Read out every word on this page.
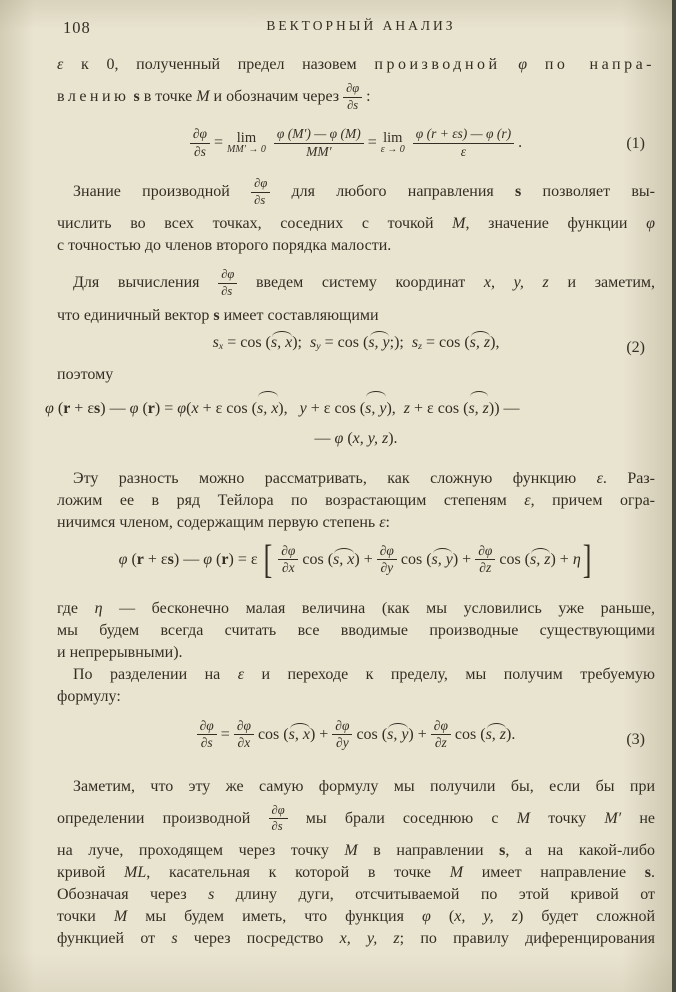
108	ВЕКТОРНЫЙ АНАЛИЗ
ε к 0, полученный предел назовем производной φ по напра-
влению s в точке M и обозначим через $\frac{\partial\varphi}{\partial s}$ :
$\frac{\partial\varphi}{\partial s} = \lim$
MM′ → 0
$\frac{\varphi (M') — \varphi (M)}{MM'} = \lim$
ε → 0
$\frac{\varphi (r + \varepsilon s) — \varphi (r)}{\varepsilon}$ .	(1)
Знание производной $\frac{\partial\varphi}{\partial s}$ для любого направления s позволяет вы-
числить во всех точках, соседних с точкой M, значение функции φ
с точностью до членов второго порядка малости.
Для вычисления $\frac{\partial\varphi}{\partial s}$ введем систему координат x, y, z и заметим,
что единичный вектор s имеет составляющими
sx = cos (s, x);  sy = cos (s, y;);  sz = cos (s, z),	(2)
поэтому
φ (r + εs) — φ (r) = φ(x + ε cos (s, x),   y + ε cos (s, y),  z + ε cos (s, z)) —
— φ (x, y, z).
Эту разность можно рассматривать, как сложную функцию ε. Раз-
ложим ее в ряд Тейлора по возрастающим степеням ε, причем огра-
ничимся членом, содержащим первую степень ε:
φ (r + εs) — φ (r) = ε [ $\frac{\partial\varphi}{\partial x}$ cos (s, $x) + \frac{\partial\varphi}{\partial y}$ cos (s, $y) + \frac{\partial\varphi}{\partial z}$ cos (s, z) + η]
где η — бесконечно малая величина (как мы условились уже раньше,
мы будем всегда считать все вводимые производные существующими
и непрерывными).
По разделении на ε и переходе к пределу, мы получим требуемую
формулу:
$\frac{\partial\varphi}{\partial s} = \frac{\partial\varphi}{\partial x}$ cos (s, $x) + \frac{\partial\varphi}{\partial y}$ cos (s, $y) + \frac{\partial\varphi}{\partial z}$ cos (s, z).	(3)
Заметим, что эту же самую формулу мы получили бы, если бы при
определении производной $\frac{\partial\varphi}{\partial s}$ мы брали соседнюю с M точку M′ не
на луче, проходящем через точку M в направлении s, а на какой-либо
кривой ML, касательная к которой в точке M имеет направление s.
Обозначая через s длину дуги, отсчитываемой по этой кривой от
точки M мы будем иметь, что функция φ (x, y, z) будет сложной
функцией от s через посредство x, y, z; по правилу диференцирования
